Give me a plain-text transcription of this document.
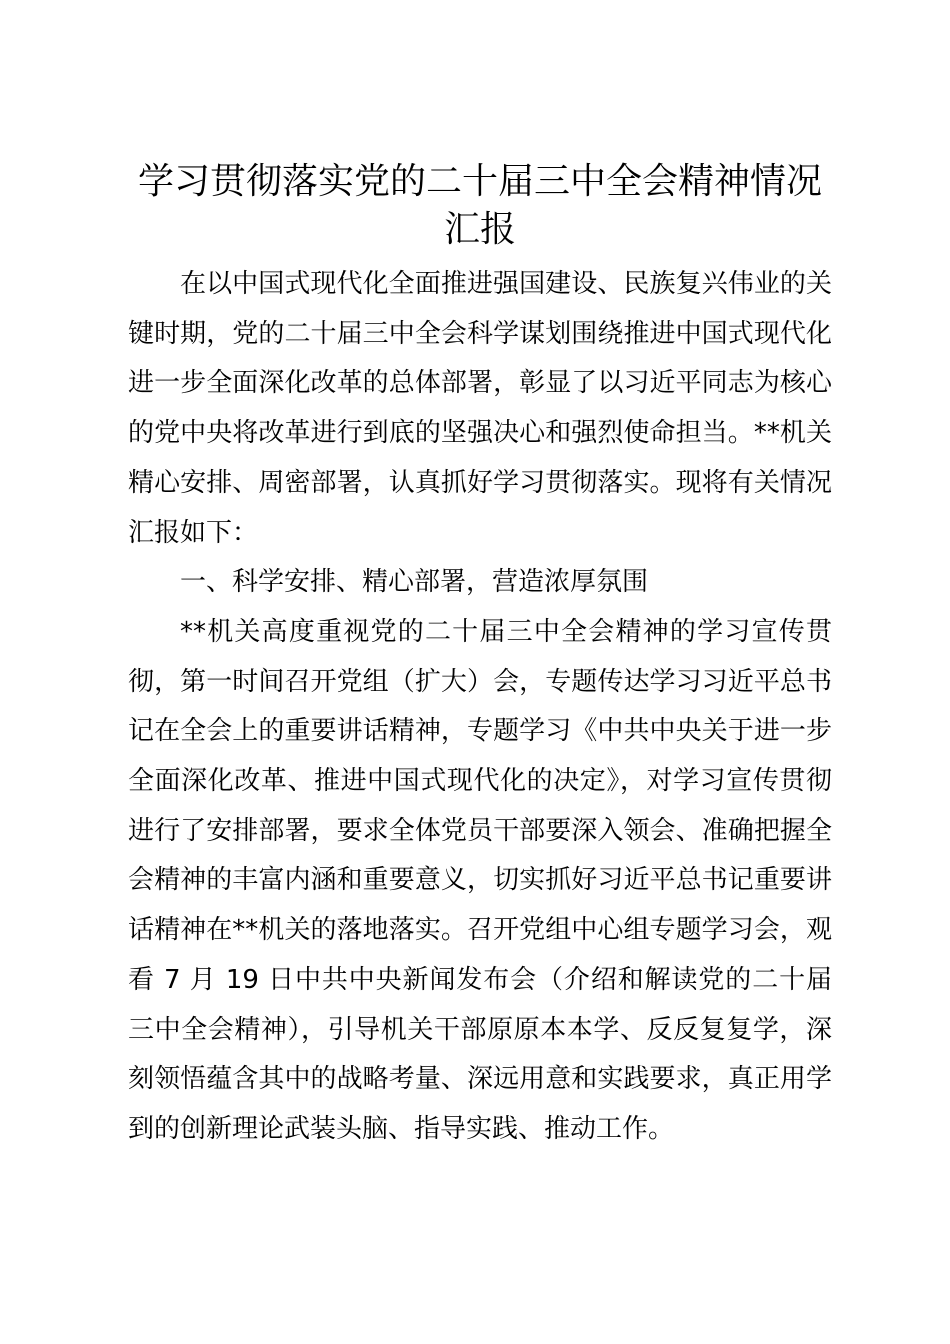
学习贯彻落实党的二十届三中全会精神情况汇报

在以中国式现代化全面推进强国建设、民族复兴伟业的关键时期，党的二十届三中全会科学谋划围绕推进中国式现代化进一步全面深化改革的总体部署，彰显了以习近平同志为核心的党中央将改革进行到底的坚强决心和强烈使命担当。**机关精心安排、周密部署，认真抓好学习贯彻落实。现将有关情况汇报如下：

一、科学安排、精心部署，营造浓厚氛围

**机关高度重视党的二十届三中全会精神的学习宣传贯彻，第一时间召开党组（扩大）会，专题传达学习习近平总书记在全会上的重要讲话精神，专题学习《中共中央关于进一步全面深化改革、推进中国式现代化的决定》，对学习宣传贯彻进行了安排部署，要求全体党员干部要深入领会、准确把握全会精神的丰富内涵和重要意义，切实抓好习近平总书记重要讲话精神在**机关的落地落实。召开党组中心组专题学习会，观看 7 月 19 日中共中央新闻发布会（介绍和解读党的二十届三中全会精神），引导机关干部原原本本学、反反复复学，深刻领悟蕴含其中的战略考量、深远用意和实践要求，真正用学到的创新理论武装头脑、指导实践、推动工作。
